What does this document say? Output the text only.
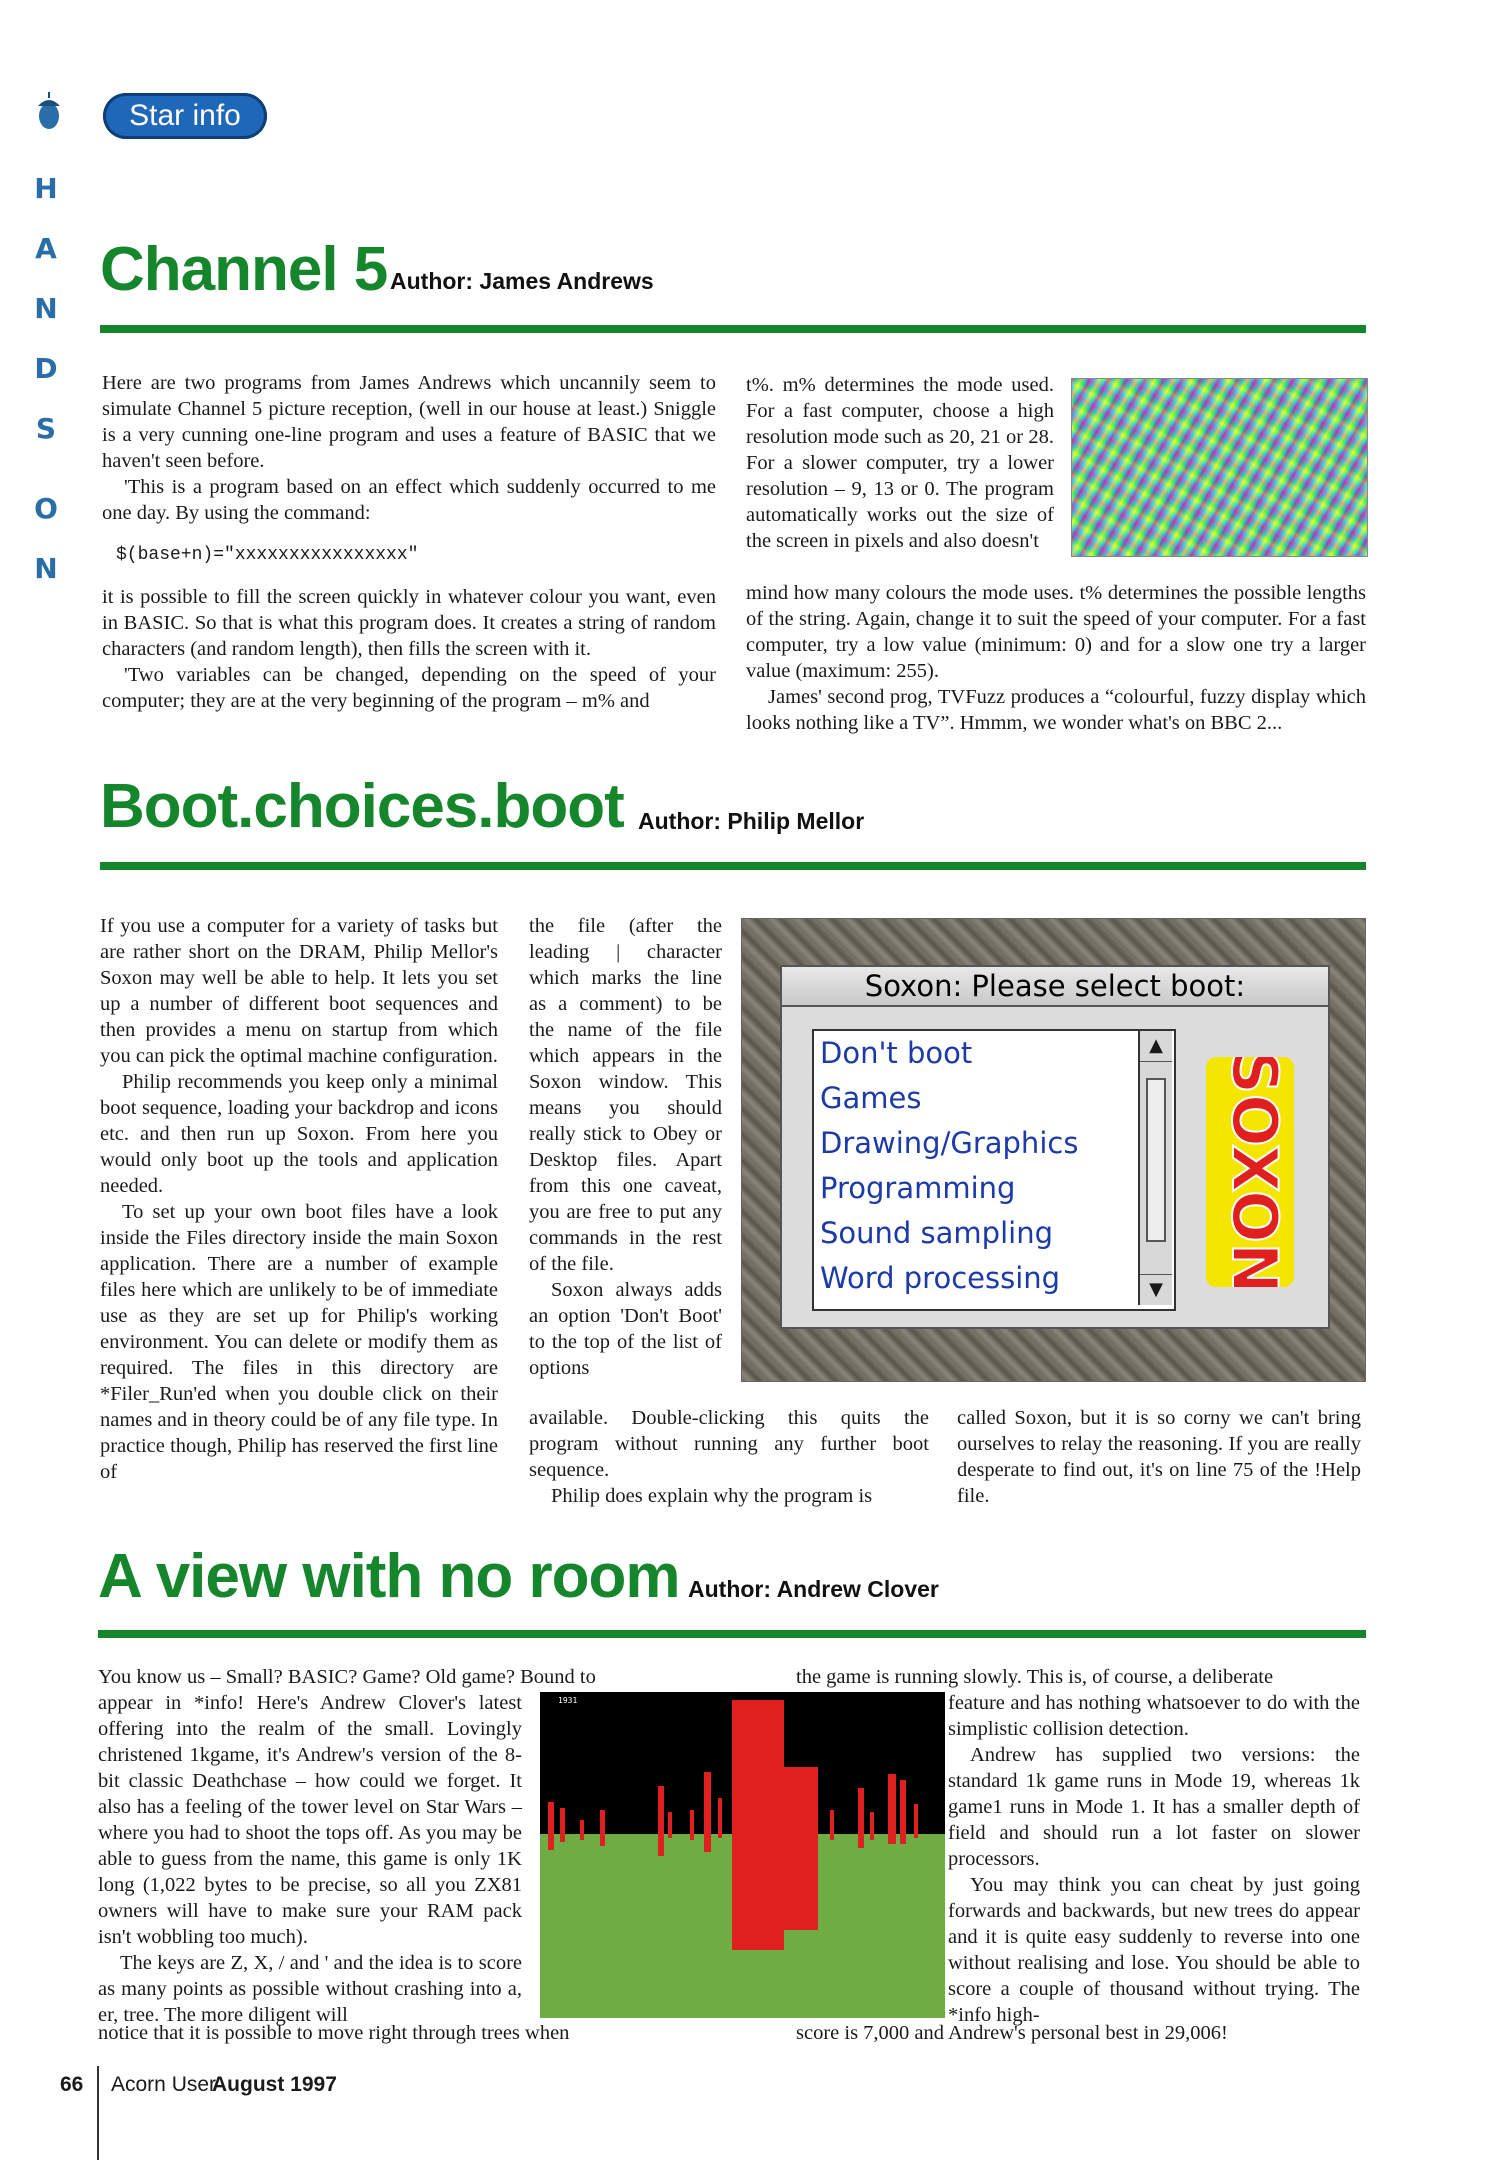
H
A
N
D
S
O
N
Star info
Channel 5 Author: James Andrews

Here are two programs from James Andrews which uncannily seem to simulate Channel 5 picture reception, (well in our house at least.) Sniggle is a very cunning one-line program and uses a feature of BASIC that we haven't seen before.

'This is a program based on an effect which suddenly occurred to me one day. By using the command:

$(base+n)="xxxxxxxxxxxxxxxx"

it is possible to fill the screen quickly in whatever colour you want, even in BASIC. So that is what this program does. It creates a string of random characters (and random length), then fills the screen with it.

'Two variables can be changed, depending on the speed of your computer; they are at the very beginning of the program – m% and

t%. m% determines the mode used. For a fast computer, choose a high resolution mode such as 20, 21 or 28. For a slower computer, try a lower resolution – 9, 13 or 0. The program automatically works out the size of the screen in pixels and also doesn't

mind how many colours the mode uses. t% determines the possible lengths of the string. Again, change it to suit the speed of your computer. For a fast computer, try a low value (minimum: 0) and for a slow one try a larger value (maximum: 255).

James' second prog, TVFuzz produces a “colourful, fuzzy display which looks nothing like a TV”. Hmmm, we wonder what's on BBC 2...

Boot.choices.boot Author: Philip Mellor

If you use a computer for a variety of tasks but are rather short on the DRAM, Philip Mellor's Soxon may well be able to help. It lets you set up a number of different boot sequences and then provides a menu on startup from which you can pick the optimal machine configuration.

Philip recommends you keep only a minimal boot sequence, loading your backdrop and icons etc. and then run up Soxon. From here you would only boot up the tools and application needed.

To set up your own boot files have a look inside the Files directory inside the main Soxon application. There are a number of example files here which are unlikely to be of immediate use as they are set up for Philip's working environment. You can delete or modify them as required. The files in this directory are *Filer_Run'ed when you double click on their names and in theory could be of any file type. In practice though, Philip has reserved the first line of

the file (after the leading | character which marks the line as a comment) to be the name of the file which appears in the Soxon window. This means you should really stick to Obey or Desktop files. Apart from this one caveat, you are free to put any commands in the rest of the file.

Soxon always adds an option 'Don't Boot' to the top of the list of options

Soxon: Please select boot:
Don't boot
Games
Drawing/Graphics
Programming
Sound sampling
Word processing
▲
▼ SOXON

available. Double-clicking this quits the program without running any further boot sequence.

Philip does explain why the program is

called Soxon, but it is so corny we can't bring ourselves to relay the reasoning. If you are really desperate to find out, it's on line 75 of the !Help file.

A view with no room Author: Andrew Clover

You know us – Small? BASIC? Game? Old game? Bound to

appear in *info! Here's Andrew Clover's latest offering into the realm of the small. Lovingly christened 1kgame, it's Andrew's version of the 8-bit classic Deathchase – how could we forget. It also has a feeling of the tower level on Star Wars – where you had to shoot the tops off. As you may be able to guess from the name, this game is only 1K long (1,022 bytes to be precise, so all you ZX81 owners will have to make sure your RAM pack isn't wobbling too much).

The keys are Z, X, / and ' and the idea is to score as many points as possible without crashing into a, er, tree. The more diligent will

notice that it is possible to move right through trees when

1931

the game is running slowly. This is, of course, a deliberate

feature and has nothing whatsoever to do with the simplistic collision detection.

Andrew has supplied two versions: the standard 1k game runs in Mode 19, whereas 1k game1 runs in Mode 1. It has a smaller depth of field and should run a lot faster on slower processors.

You may think you can cheat by just going forwards and backwards, but new trees do appear and it is quite easy suddenly to reverse into one without realising and lose. You should be able to score a couple of thousand without trying. The *info high-

score is 7,000 and Andrew's personal best in 29,006!

66 Acorn User
August 1997
